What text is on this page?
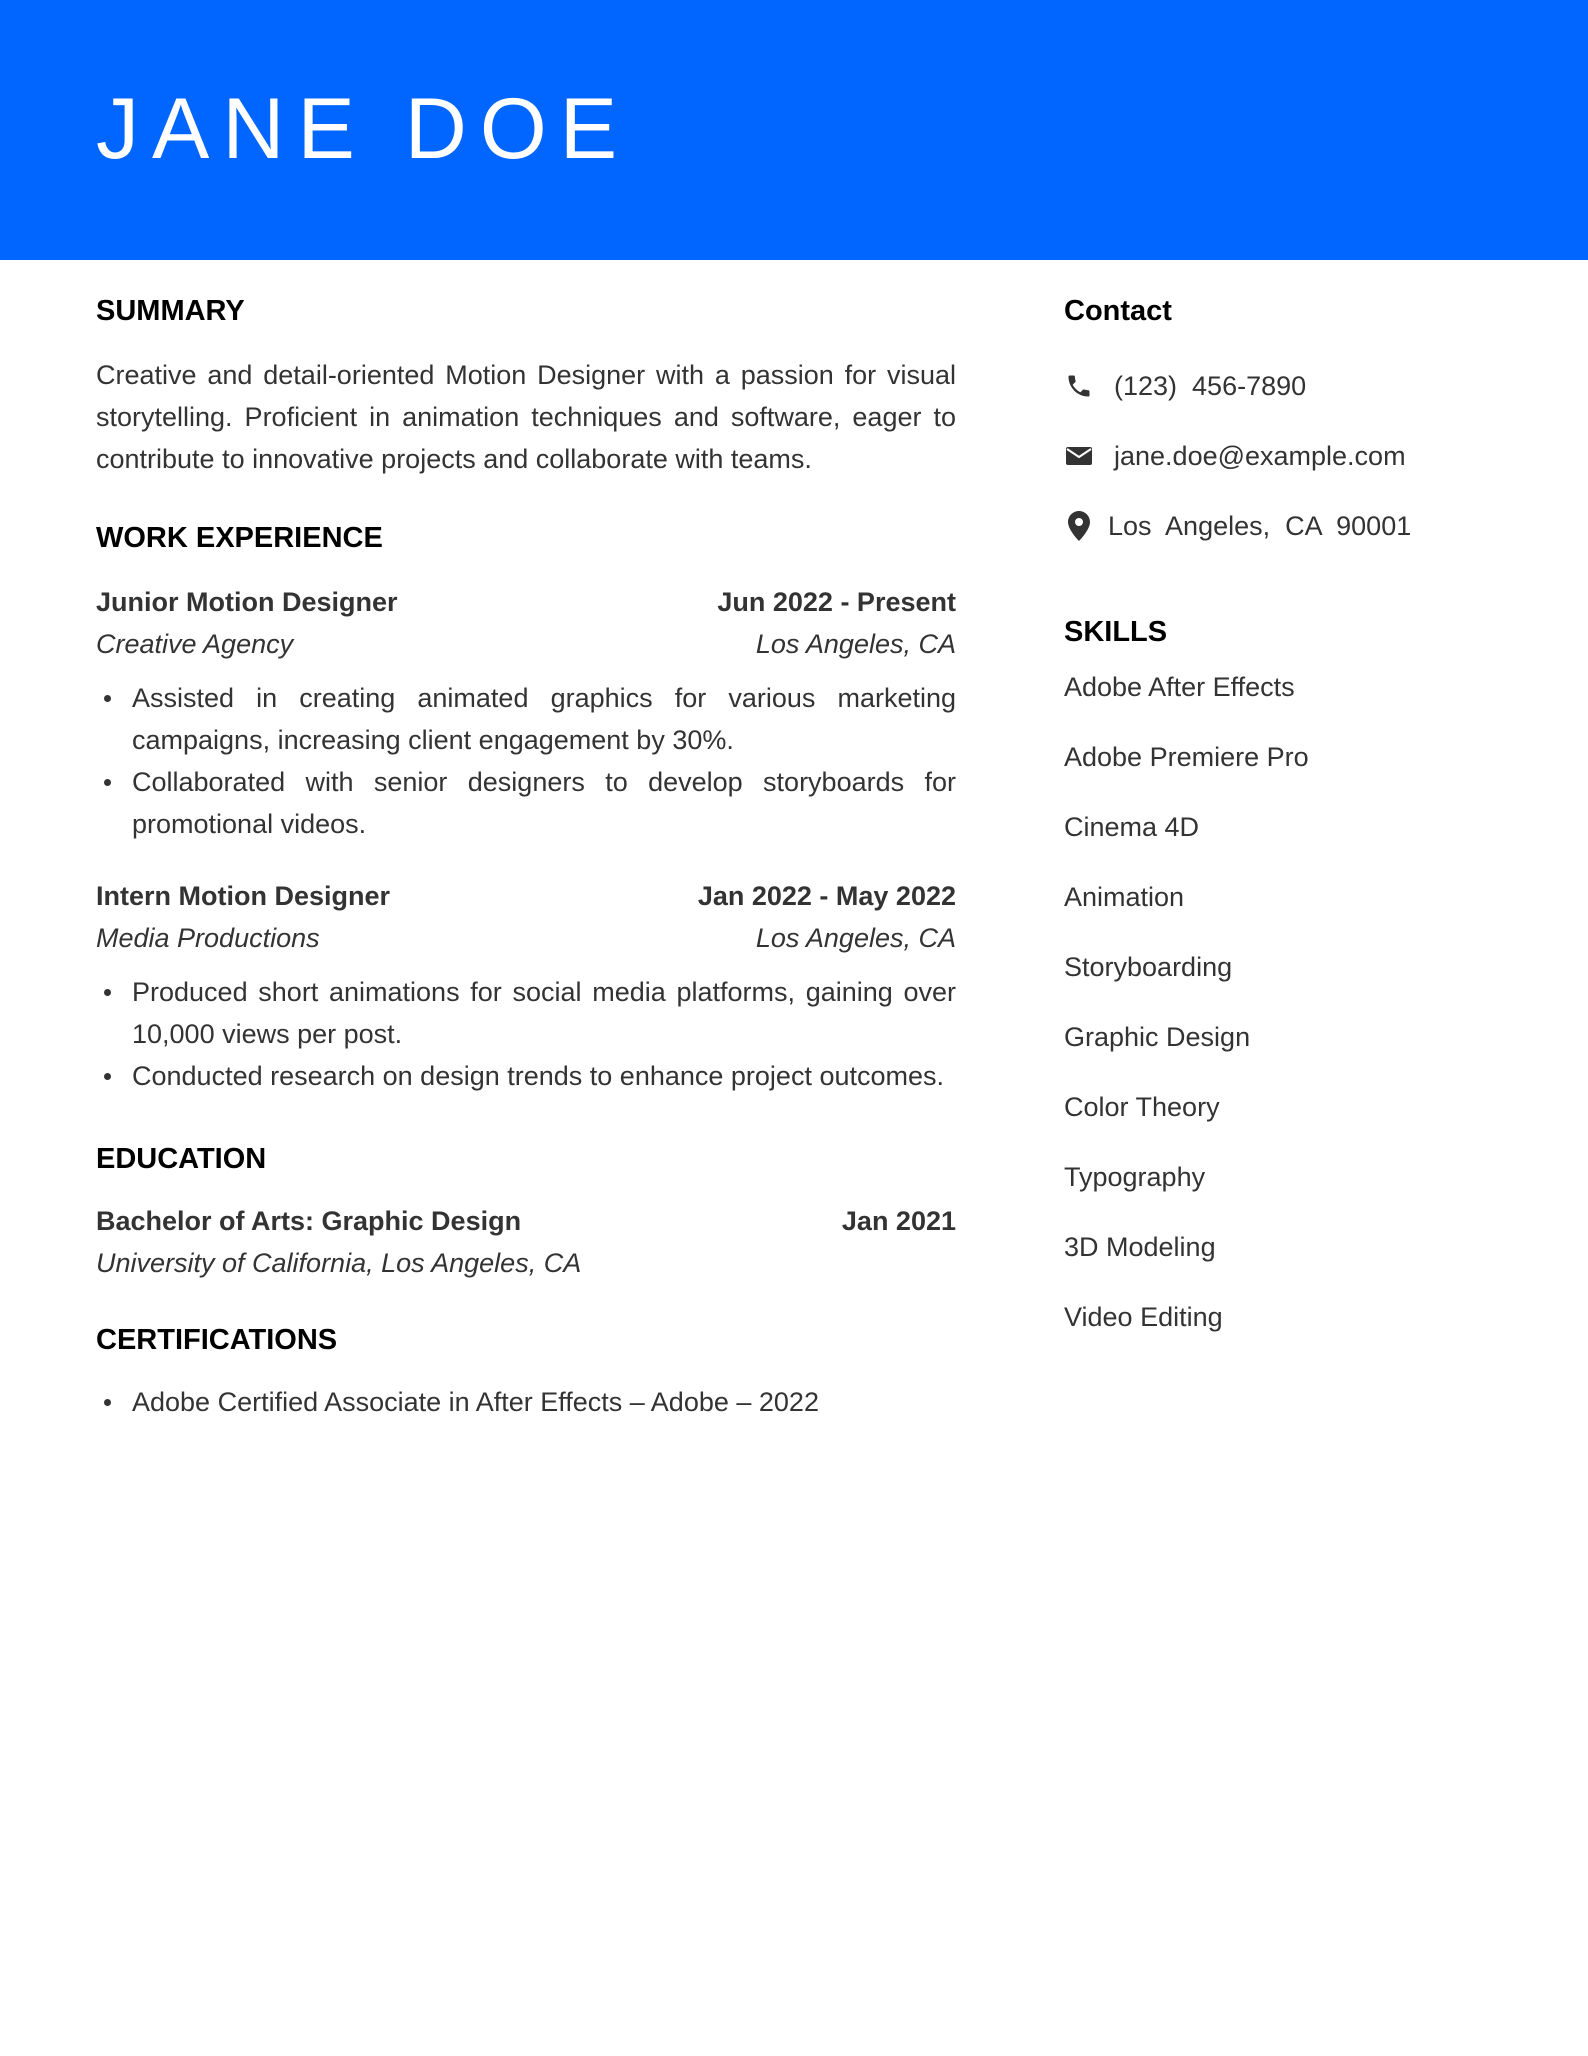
JANE DOE
SUMMARY

Creative and detail-oriented Motion Designer with a passion for visual storytelling. Proficient in animation techniques and software, eager to contribute to innovative projects and collaborate with teams.

WORK EXPERIENCE
Junior Motion Designer	Jun 2022 - Present
Creative Agency	Los Angeles, CA
Assisted in creating animated graphics for various marketing campaigns, increasing client engagement by 30%.
Collaborated with senior designers to develop storyboards for promotional videos.
Intern Motion Designer	Jan 2022 - May 2022
Media Productions	Los Angeles, CA
Produced short animations for social media platforms, gaining over 10,000 views per post.
Conducted research on design trends to enhance project outcomes.
EDUCATION
Bachelor of Arts: Graphic Design	Jan 2021
University of California, Los Angeles, CA
CERTIFICATIONS
Adobe Certified Associate in After Effects – Adobe – 2022
Contact
(123)  456-7890
jane.doe@example.com
Los  Angeles,  CA  90001
SKILLS
Adobe After Effects
Adobe Premiere Pro
Cinema 4D
Animation
Storyboarding
Graphic Design
Color Theory
Typography
3D Modeling
Video Editing
